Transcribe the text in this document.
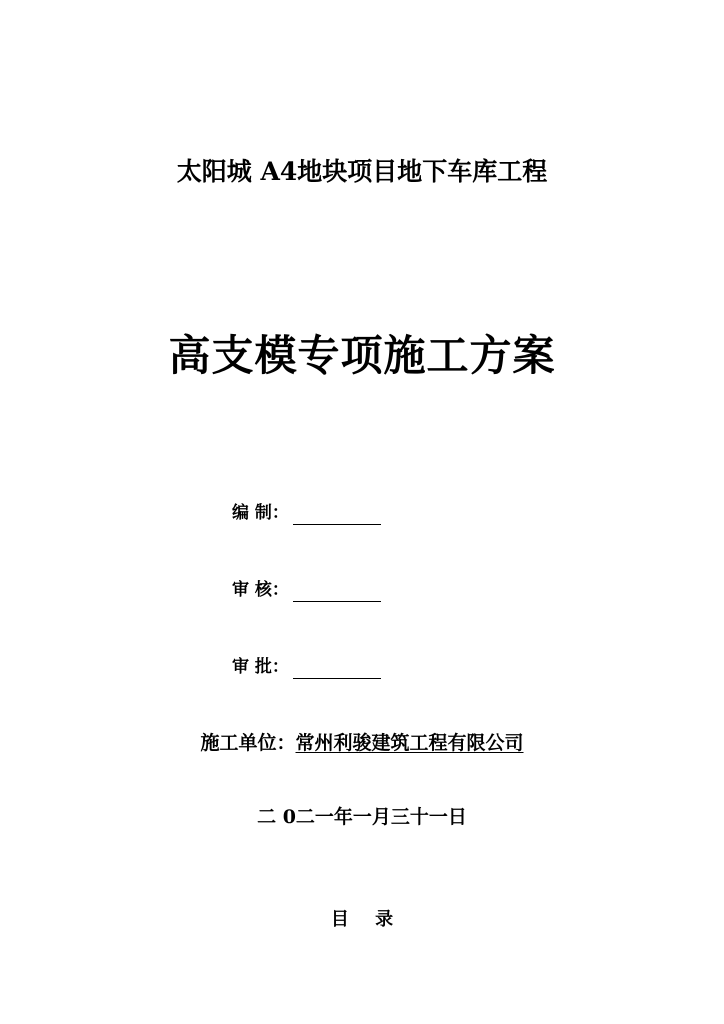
太阳城 A4地块项目地下车库工程
高支模专项施工方案
编 制：
审 核：
审 批：
施工单位：常州利骏建筑工程有限公司
二 0二一年一月三十一日
目 录
